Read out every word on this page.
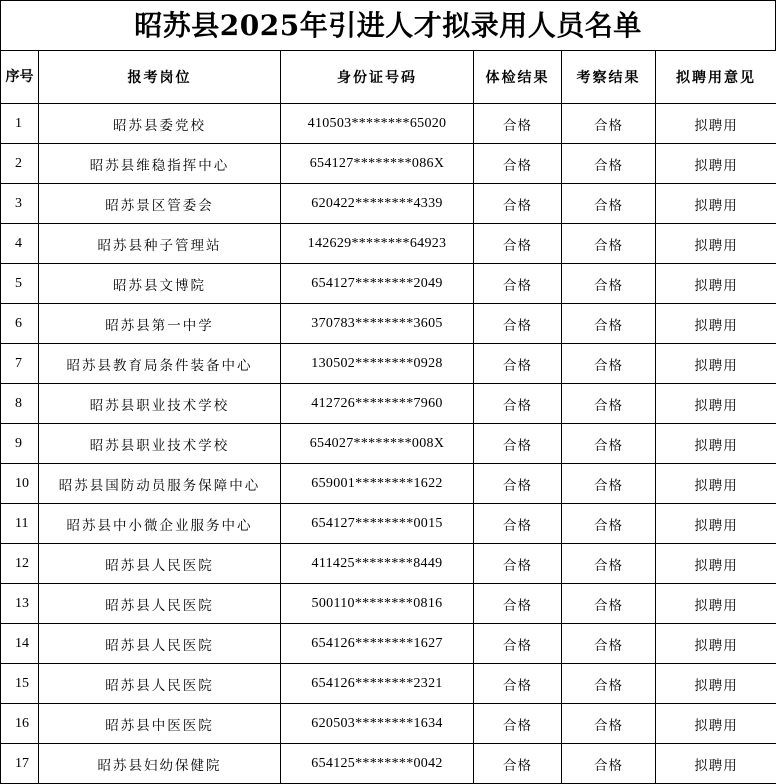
昭苏县2025年引进人才拟录用人员名单
序号	报考岗位	身份证号码	体检结果	考察结果	拟聘用意见
1	昭苏县委党校	410503********65020	合格	合格	拟聘用
2	昭苏县维稳指挥中心	654127********086X	合格	合格	拟聘用
3	昭苏景区管委会	620422********4339	合格	合格	拟聘用
4	昭苏县种子管理站	142629********64923	合格	合格	拟聘用
5	昭苏县文博院	654127********2049	合格	合格	拟聘用
6	昭苏县第一中学	370783********3605	合格	合格	拟聘用
7	昭苏县教育局条件装备中心	130502********0928	合格	合格	拟聘用
8	昭苏县职业技术学校	412726********7960	合格	合格	拟聘用
9	昭苏县职业技术学校	654027********008X	合格	合格	拟聘用
10	昭苏县国防动员服务保障中心	659001********1622	合格	合格	拟聘用
11	昭苏县中小微企业服务中心	654127********0015	合格	合格	拟聘用
12	昭苏县人民医院	411425********8449	合格	合格	拟聘用
13	昭苏县人民医院	500110********0816	合格	合格	拟聘用
14	昭苏县人民医院	654126********1627	合格	合格	拟聘用
15	昭苏县人民医院	654126********2321	合格	合格	拟聘用
16	昭苏县中医医院	620503********1634	合格	合格	拟聘用
17	昭苏县妇幼保健院	654125********0042	合格	合格	拟聘用
